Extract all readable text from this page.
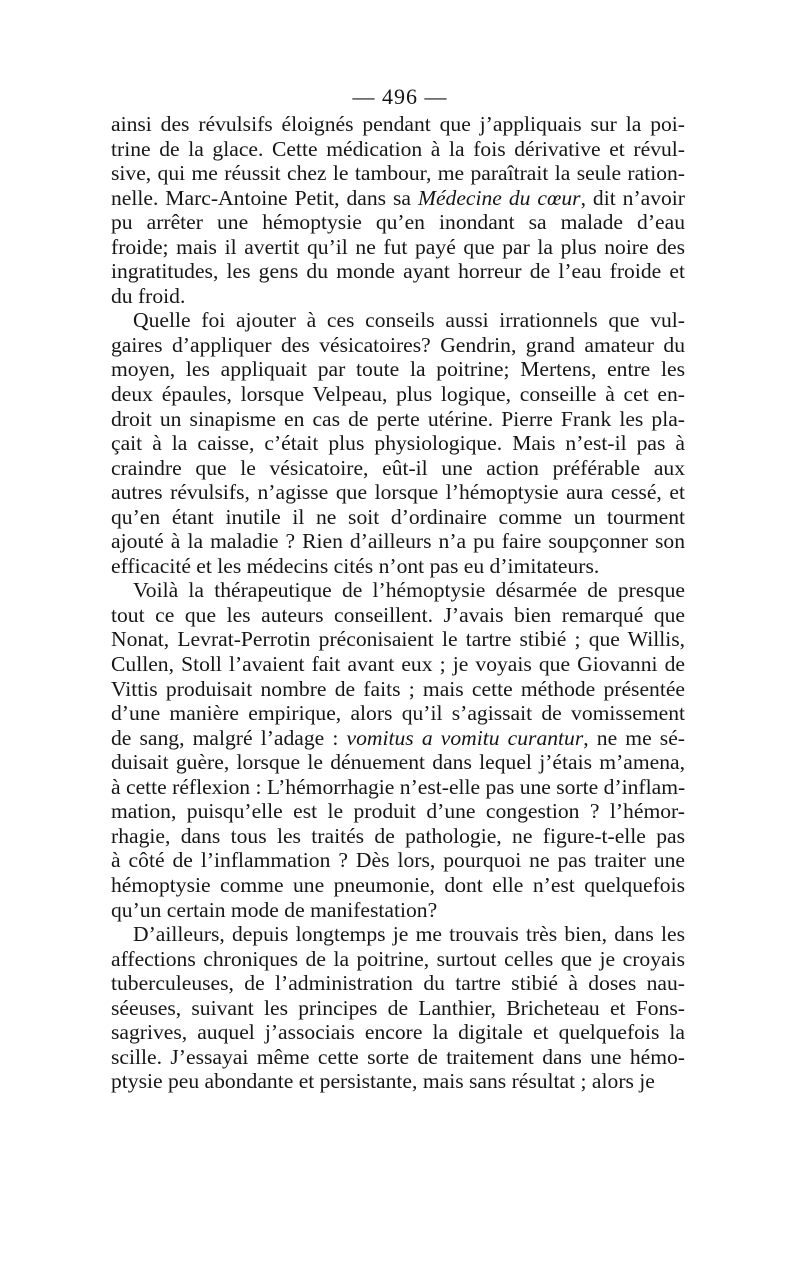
— 496 —

ainsi des révulsifs éloignés pendant que j’appliquais sur la poi-
trine de la glace. Cette médication à la fois dérivative et révul-
sive, qui me réussit chez le tambour, me paraîtrait la seule ration-
nelle. Marc-Antoine Petit, dans sa Médecine du cœur, dit n’avoir
pu arrêter une hémoptysie qu’en inondant sa malade d’eau
froide; mais il avertit qu’il ne fut payé que par la plus noire des
ingratitudes, les gens du monde ayant horreur de l’eau froide et
du froid.

Quelle foi ajouter à ces conseils aussi irrationnels que vul-
gaires d’appliquer des vésicatoires? Gendrin, grand amateur du
moyen, les appliquait par toute la poitrine; Mertens, entre les
deux épaules, lorsque Velpeau, plus logique, conseille à cet en-
droit un sinapisme en cas de perte utérine. Pierre Frank les pla-
çait à la caisse, c’était plus physiologique. Mais n’est-il pas à
craindre que le vésicatoire, eût-il une action préférable aux
autres révulsifs, n’agisse que lorsque l’hémoptysie aura cessé, et
qu’en étant inutile il ne soit d’ordinaire comme un tourment
ajouté à la maladie ? Rien d’ailleurs n’a pu faire soupçonner son
efficacité et les médecins cités n’ont pas eu d’imitateurs.

Voilà la thérapeutique de l’hémoptysie désarmée de presque
tout ce que les auteurs conseillent. J’avais bien remarqué que
Nonat, Levrat-Perrotin préconisaient le tartre stibié ; que Willis,
Cullen, Stoll l’avaient fait avant eux ; je voyais que Giovanni de
Vittis produisait nombre de faits ; mais cette méthode présentée
d’une manière empirique, alors qu’il s’agissait de vomissement
de sang, malgré l’adage : vomitus a vomitu curantur, ne me sé-
duisait guère, lorsque le dénuement dans lequel j’étais m’amena,
à cette réflexion : L’hémorrhagie n’est-elle pas une sorte d’inflam-
mation, puisqu’elle est le produit d’une congestion ? l’hémor-
rhagie, dans tous les traités de pathologie, ne figure-t-elle pas
à côté de l’inflammation ? Dès lors, pourquoi ne pas traiter une
hémoptysie comme une pneumonie, dont elle n’est quelquefois
qu’un certain mode de manifestation?

D’ailleurs, depuis longtemps je me trouvais très bien, dans les
affections chroniques de la poitrine, surtout celles que je croyais
tuberculeuses, de l’administration du tartre stibié à doses nau-
séeuses, suivant les principes de Lanthier, Bricheteau et Fons-
sagrives, auquel j’associais encore la digitale et quelquefois la
scille. J’essayai même cette sorte de traitement dans une hémo-
ptysie peu abondante et persistante, mais sans résultat ; alors je
